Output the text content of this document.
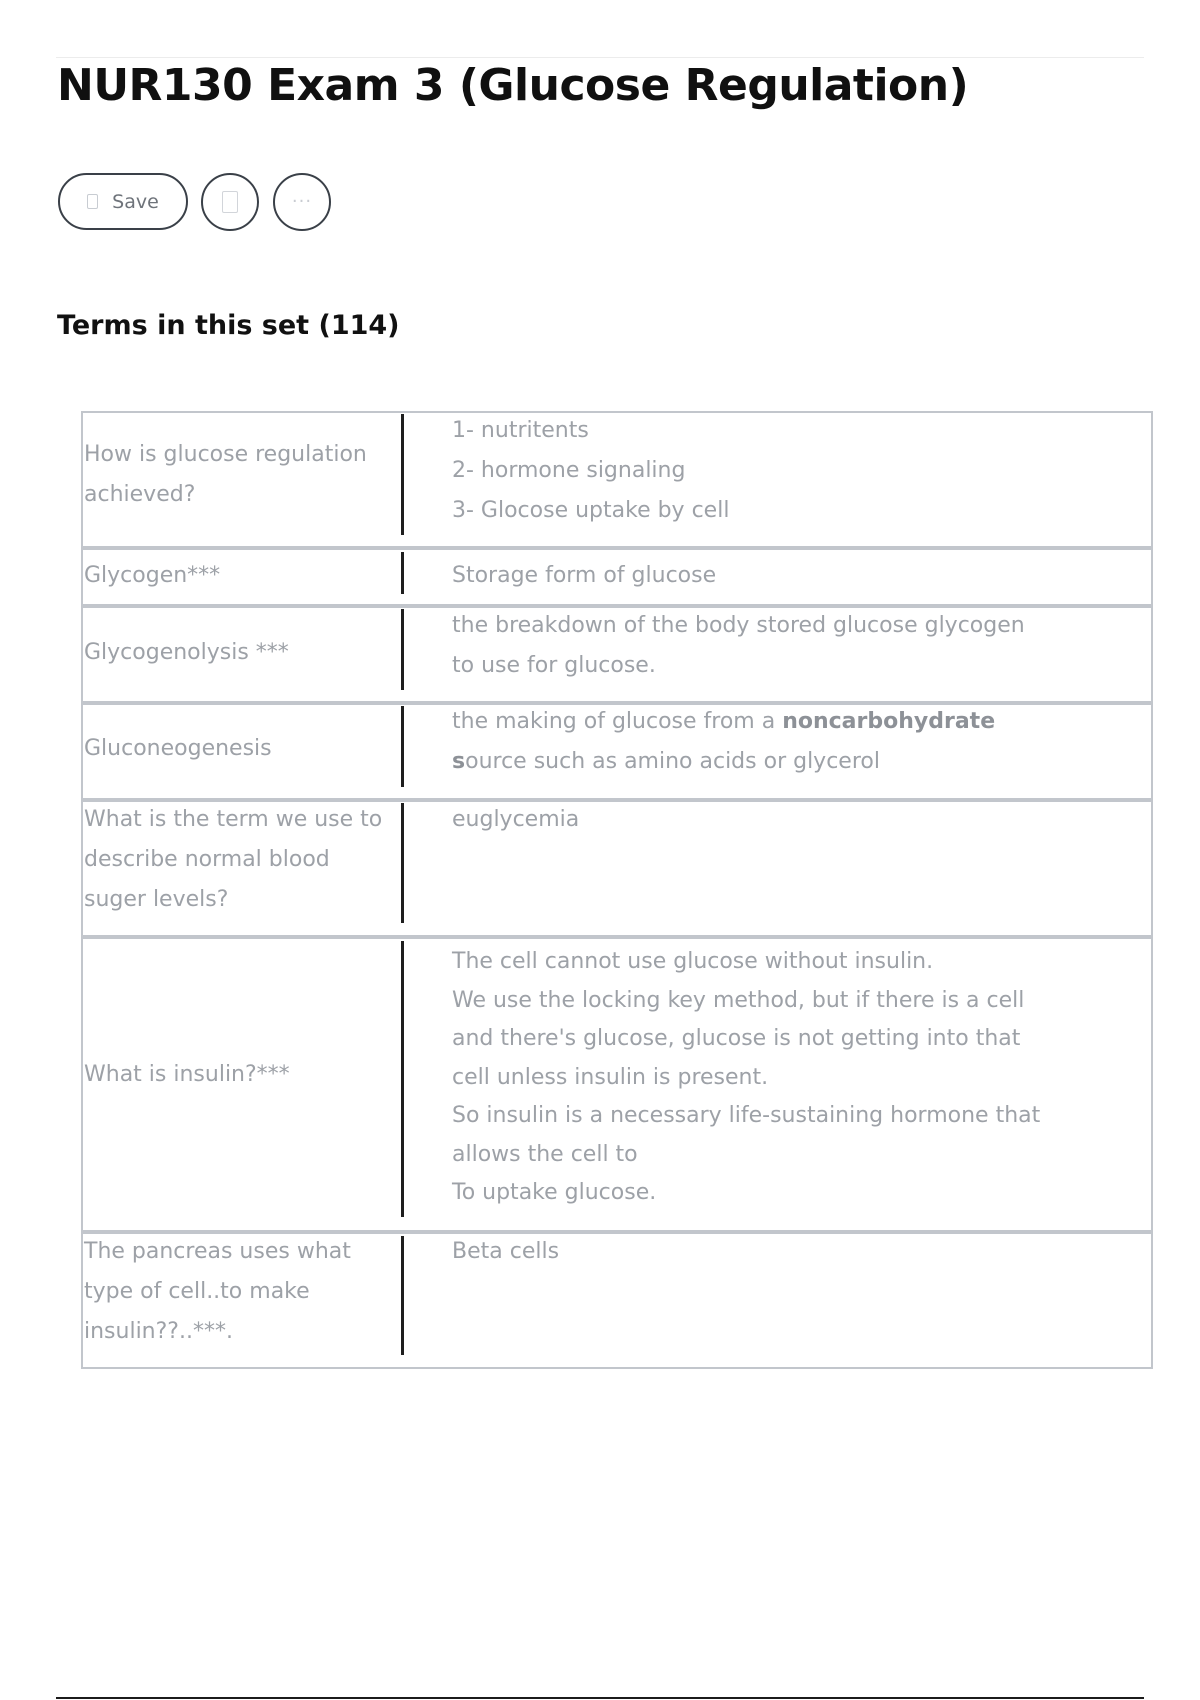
NUR130 Exam 3 (Glucose Regulation)
Save	···
Terms in this set (114)
How is glucose regulation achieved?

1- nutritents

2- hormone signaling

3- Glocose uptake by cell

Glycogen***	Storage form of glucose

Glycogenolysis ***

the breakdown of the body stored glucose glycogen

to use for glucose.

Gluconeogenesis

the making of glucose from a noncarbohydrate

source such as amino acids or glycerol

What is the term we use to describe normal blood suger levels?

euglycemia

What is insulin?***

The cell cannot use glucose without insulin.

We use the locking key method, but if there is a cell

and there's glucose, glucose is not getting into that

cell unless insulin is present.

So insulin is a necessary life-sustaining hormone that

allows the cell to

To uptake glucose.

The pancreas uses what type of cell..to make insulin??..***.

Beta cells
